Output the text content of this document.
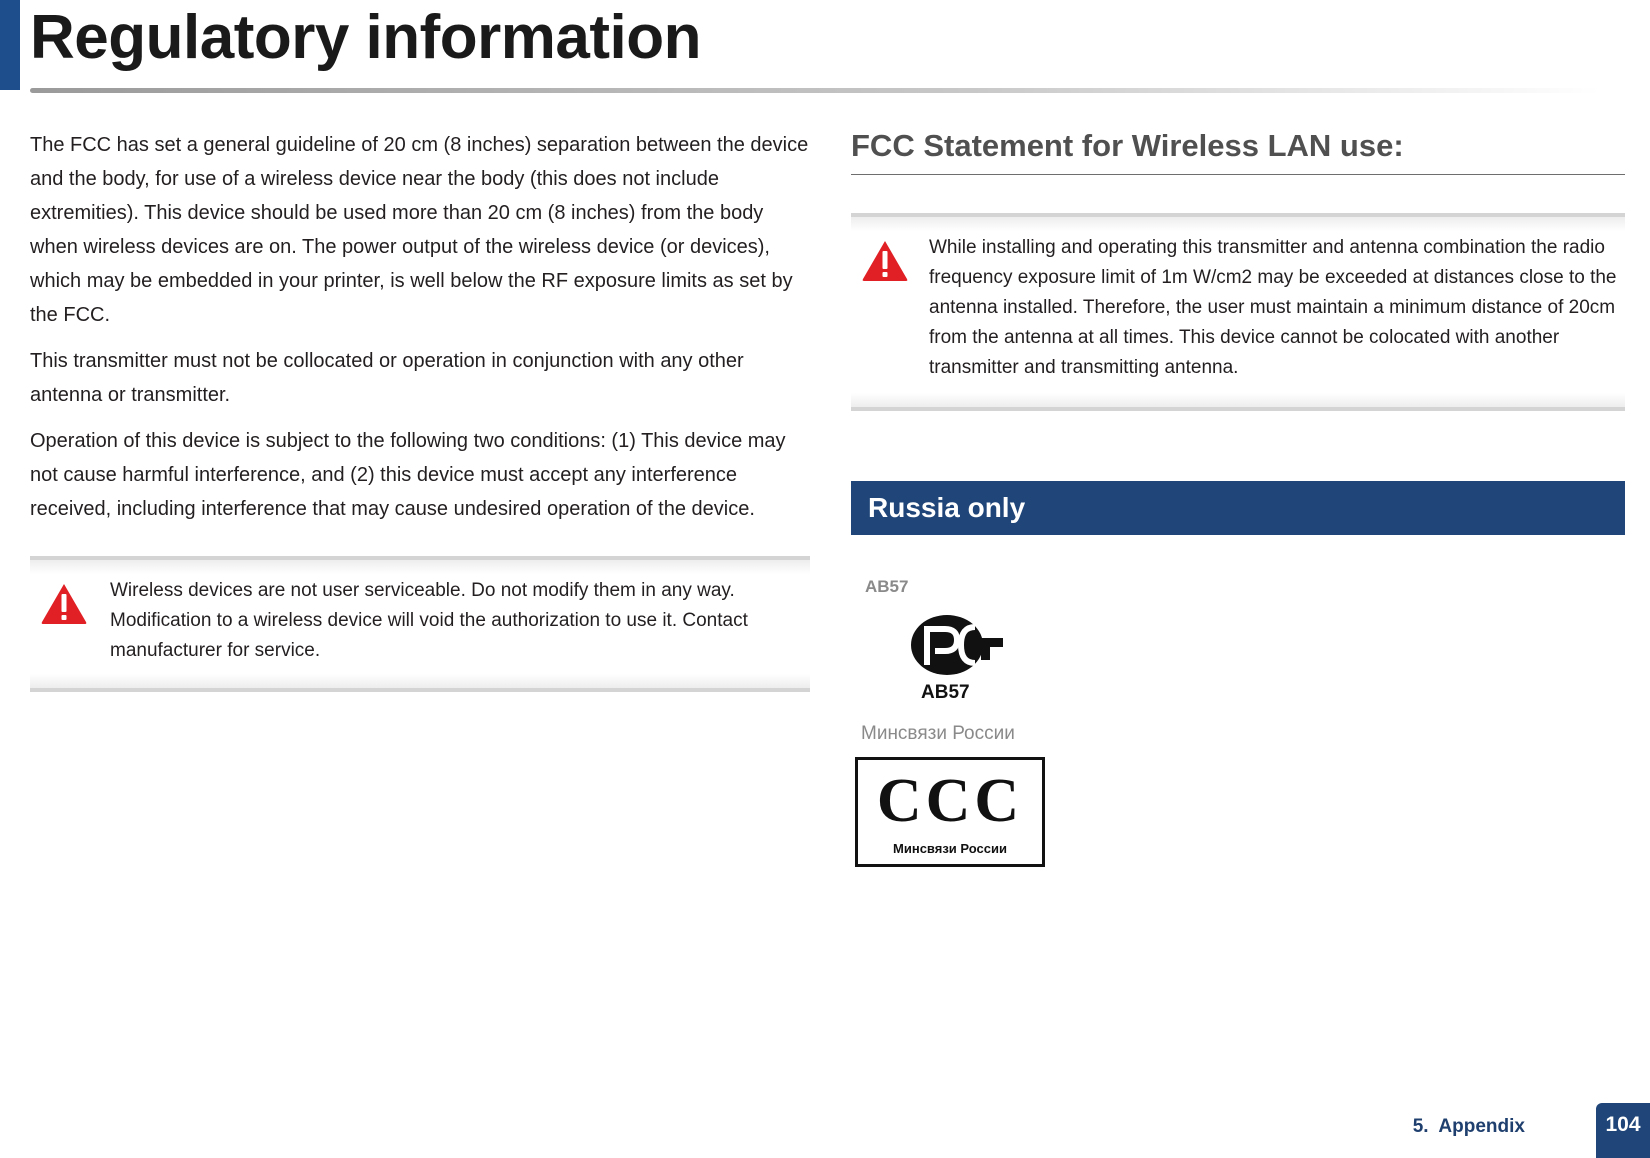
Regulatory information

The FCC has set a general guideline of 20 cm (8 inches) separation between the device and the body, for use of a wireless device near the body (this does not include extremities). This device should be used more than 20 cm (8 inches) from the body when wireless devices are on. The power output of the wireless device (or devices), which may be embedded in your printer, is well below the RF exposure limits as set by the FCC.

This transmitter must not be collocated or operation in conjunction with any other antenna or transmitter.

Operation of this device is subject to the following two conditions: (1) This device may not cause harmful interference, and (2) this device must accept any interference received, including interference that may cause undesired operation of the device.

Wireless devices are not user serviceable. Do not modify them in any way. Modification to a wireless device will void the authorization to use it. Contact manufacturer for service.
FCC Statement for Wireless LAN use:
While installing and operating this transmitter and antenna combination the radio frequency exposure limit of 1m W/cm2 may be exceeded at distances close to the antenna installed. Therefore, the user must maintain a minimum distance of 20cm from the antenna at all times. This device cannot be colocated with another transmitter and transmitting antenna.
Russia only
AB57
AB57
Минсвязи России
CCC
Минсвязи России
5.  Appendix	104
